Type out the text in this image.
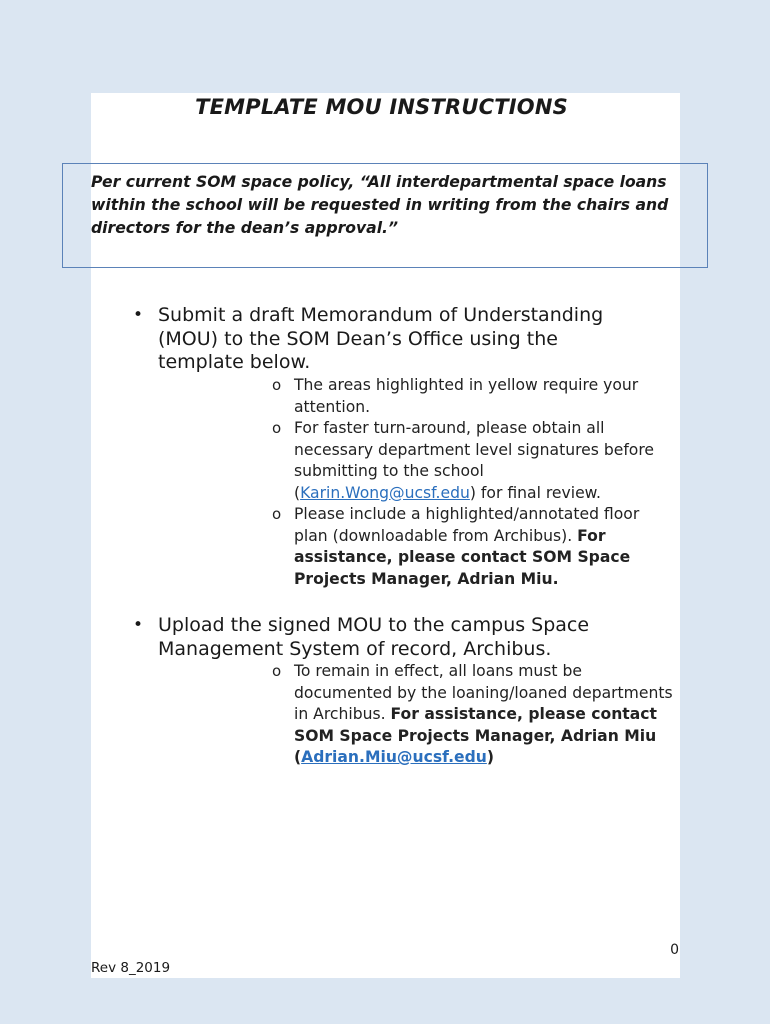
TEMPLATE MOU INSTRUCTIONS
Per current SOM space policy, “All interdepartmental space loans within the school will be requested in writing from the chairs and directors for the dean’s approval.”
• Submit a draft Memorandum of Understanding (MOU) to the SOM Dean’s Office using the template below.
o The areas highlighted in yellow require your attention.
o For faster turn-around, please obtain all necessary department level signatures before submitting to the school (Karin.Wong@ucsf.edu) for final review.
o Please include a highlighted/annotated floor plan (downloadable from Archibus). For assistance, please contact SOM Space Projects Manager, Adrian Miu.
• Upload the signed MOU to the campus Space Management System of record, Archibus.
o To remain in effect, all loans must be documented by the loaning/loaned departments in Archibus. For assistance, please contact SOM Space Projects Manager, Adrian Miu (Adrian.Miu@ucsf.edu)
0
Rev 8_2019
